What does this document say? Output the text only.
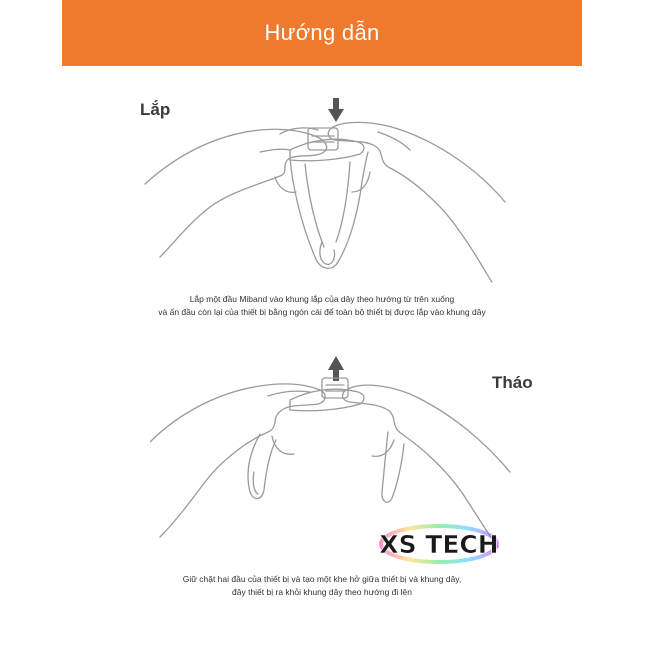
Hướng dẫn
Lắp
Lắp một đầu Miband vào khung lắp của dây theo hướng từ trên xuống
và ấn đầu còn lại của thiết bị bằng ngón cái để toàn bộ thiết bị được lắp vào khung dây
Tháo
XS TECH
Giữ chặt hai đầu của thiết bị và tạo một khe hở giữa thiết bị và khung dây,
đây thiết bị ra khỏi khung dây theo hướng đi lên
